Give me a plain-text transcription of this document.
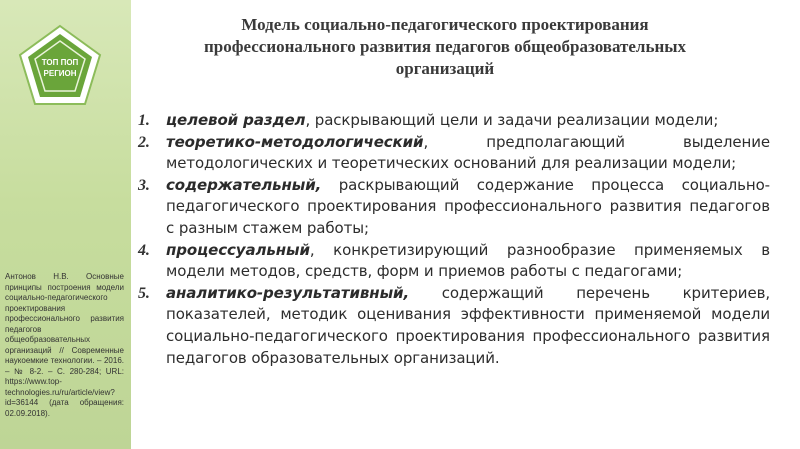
ТОП ПОП
РЕГИОН
Антонов Н.В. Основные принципы построения модели социально-педагогического проектирования профессионального развития педагогов общеобразовательных организаций // Современные наукоемкие технологии. – 2016. – № 8-2. – С. 280-284; URL: https://www.top-technologies.ru/ru/article/view?id=36144 (дата обращения: 02.09.2018).
Модель социально-педагогического проектирования профессионального развития педагогов общеобразовательных организаций
1. целевой раздел, раскрывающий цели и задачи реализации модели;
2. теоретико-методологический, предполагающий выделение методологических и теоретических оснований для реализации модели;
3. содержательный, раскрывающий содержание процесса социально-педагогического проектирования профессионального развития педагогов с разным стажем работы;
4. процессуальный, конкретизирующий разнообразие применяемых в модели методов, средств, форм и приемов работы с педагогами;
5. аналитико-результативный, содержащий перечень критериев, показателей, методик оценивания эффективности применяемой модели социально-педагогического проектирования профессионального развития педагогов образовательных организаций.
